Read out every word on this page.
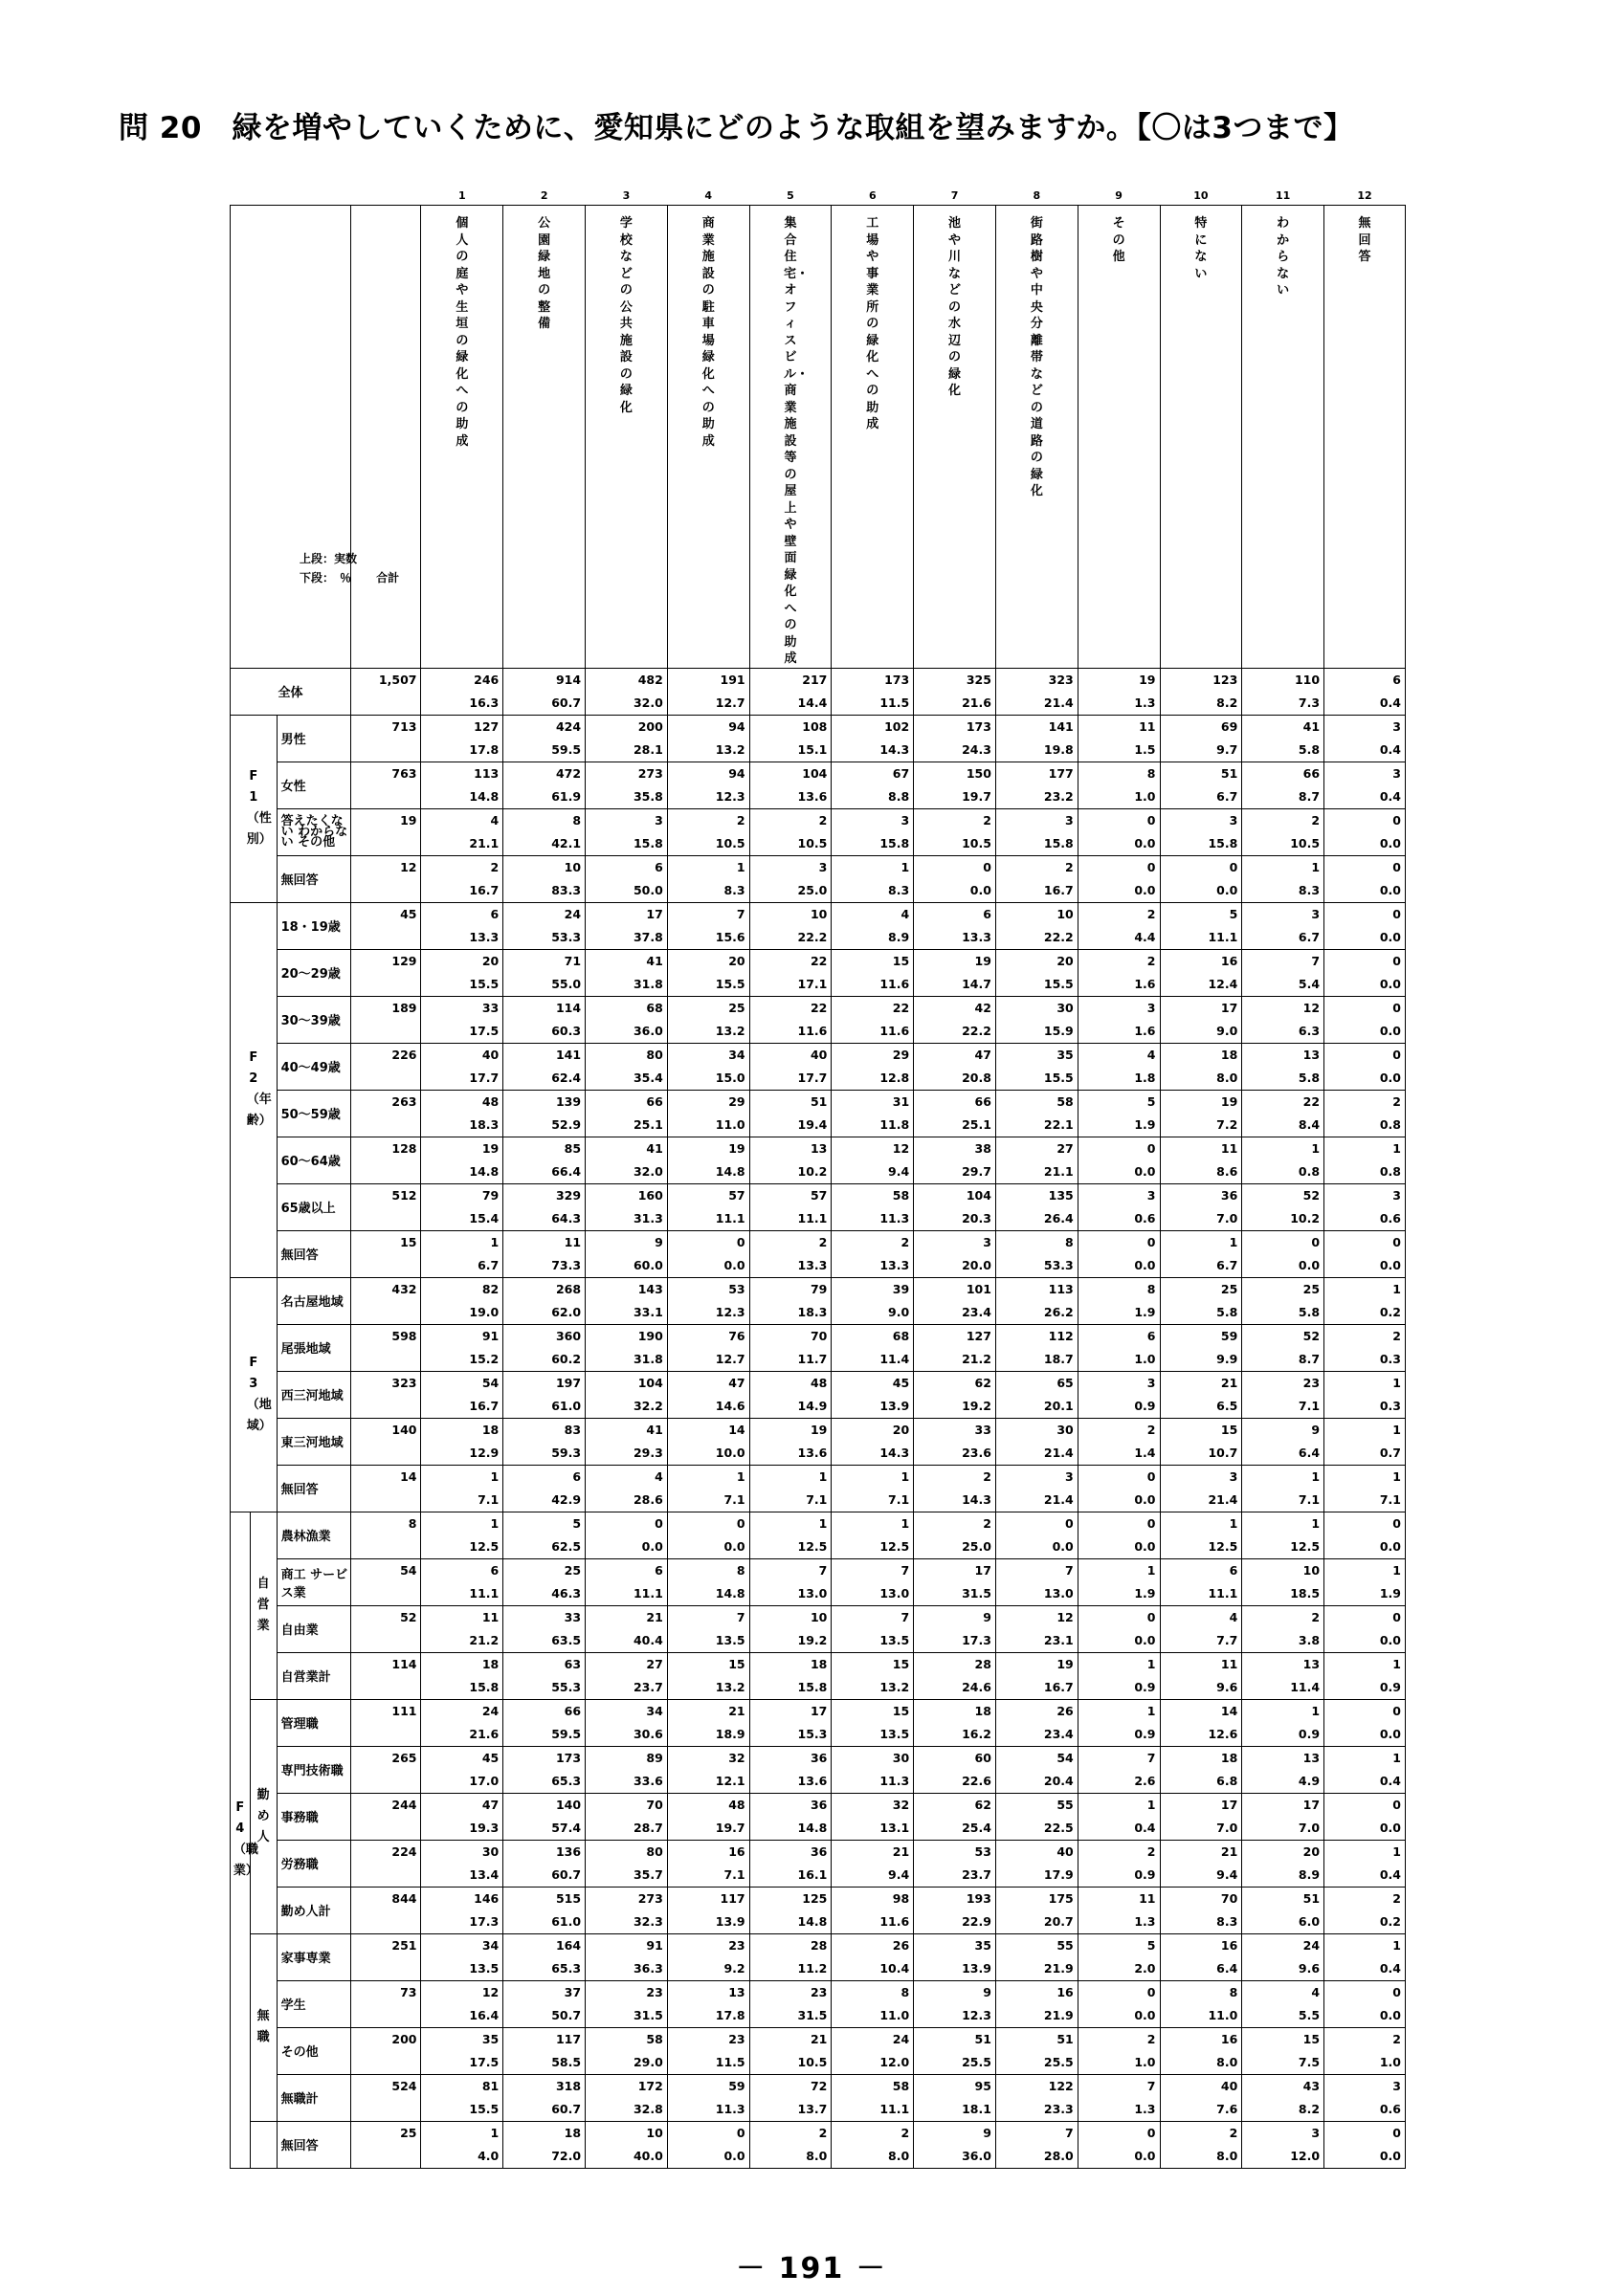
問 20　緑を増やしていくために、愛知県にどのような取組を望みますか。【〇は3つまで】
				1	2	3	4	5	6	7	8	9	10	11	12

上段：実数
下段：　％			合計	個人の庭や生垣の緑化への助成	公園緑地の整備	学校などの公共施設の緑化	商業施設の駐車場緑化への助成	集合住宅・オフィスビル・商業施設等の屋上や壁面緑化への助成	工場や事業所の緑化への助成	池や川などの水辺の緑化	街路樹や中央分離帯などの道路の緑化	その他	特にない	わからない	無回答

全体			1,507	246	914	482	191	217	173	325	323	19	123	110	6
				16.3	60.7	32.0	12.7	14.4	11.5	21.6	21.4	1.3	8.2	7.3	0.4

F1（性別）		男性	713	127	424	200	94	108	102	173	141	11	69	41	3
				17.8	59.5	28.1	13.2	15.1	14.3	24.3	19.8	1.5	9.7	5.8	0.4
		女性	763	113	472	273	94	104	67	150	177	8	51	66	3
				14.8	61.9	35.8	12.3	13.6	8.8	19.7	23.2	1.0	6.7	8.7	0.4
		答えたくない わからない その他	19	4	8	3	2	2	3	2	3	0	3	2	0
				21.1	42.1	15.8	10.5	10.5	15.8	10.5	15.8	0.0	15.8	10.5	0.0
		無回答	12	2	10	6	1	3	1	0	2	0	0	1	0
				16.7	83.3	50.0	8.3	25.0	8.3	0.0	16.7	0.0	0.0	8.3	0.0

F2（年齢）		18・19歳	45	6	24	17	7	10	4	6	10	2	5	3	0
				13.3	53.3	37.8	15.6	22.2	8.9	13.3	22.2	4.4	11.1	6.7	0.0
		20～29歳	129	20	71	41	20	22	15	19	20	2	16	7	0
				15.5	55.0	31.8	15.5	17.1	11.6	14.7	15.5	1.6	12.4	5.4	0.0
		30～39歳	189	33	114	68	25	22	22	42	30	3	17	12	0
				17.5	60.3	36.0	13.2	11.6	11.6	22.2	15.9	1.6	9.0	6.3	0.0
		40～49歳	226	40	141	80	34	40	29	47	35	4	18	13	0
				17.7	62.4	35.4	15.0	17.7	12.8	20.8	15.5	1.8	8.0	5.8	0.0
		50～59歳	263	48	139	66	29	51	31	66	58	5	19	22	2
				18.3	52.9	25.1	11.0	19.4	11.8	25.1	22.1	1.9	7.2	8.4	0.8
		60～64歳	128	19	85	41	19	13	12	38	27	0	11	1	1
				14.8	66.4	32.0	14.8	10.2	9.4	29.7	21.1	0.0	8.6	0.8	0.8
		65歳以上	512	79	329	160	57	57	58	104	135	3	36	52	3
				15.4	64.3	31.3	11.1	11.1	11.3	20.3	26.4	0.6	7.0	10.2	0.6
		無回答	15	1	11	9	0	2	2	3	8	0	1	0	0
				6.7	73.3	60.0	0.0	13.3	13.3	20.0	53.3	0.0	6.7	0.0	0.0

F3（地域）		名古屋地域	432	82	268	143	53	79	39	101	113	8	25	25	1
				19.0	62.0	33.1	12.3	18.3	9.0	23.4	26.2	1.9	5.8	5.8	0.2
		尾張地域	598	91	360	190	76	70	68	127	112	6	59	52	2
				15.2	60.2	31.8	12.7	11.7	11.4	21.2	18.7	1.0	9.9	8.7	0.3
		西三河地域	323	54	197	104	47	48	45	62	65	3	21	23	1
				16.7	61.0	32.2	14.6	14.9	13.9	19.2	20.1	0.9	6.5	7.1	0.3
		東三河地域	140	18	83	41	14	19	20	33	30	2	15	9	1
				12.9	59.3	29.3	10.0	13.6	14.3	23.6	21.4	1.4	10.7	6.4	0.7
		無回答	14	1	6	4	1	1	1	2	3	0	3	1	1
				7.1	42.9	28.6	7.1	7.1	7.1	14.3	21.4	0.0	21.4	7.1	7.1

F4（職業）	自営業	農林漁業	8	1	5	0	0	1	1	2	0	0	1	1	0
				12.5	62.5	0.0	0.0	12.5	12.5	25.0	0.0	0.0	12.5	12.5	0.0
		商工 サービス業	54	6	25	6	8	7	7	17	7	1	6	10	1
				11.1	46.3	11.1	14.8	13.0	13.0	31.5	13.0	1.9	11.1	18.5	1.9
		自由業	52	11	33	21	7	10	7	9	12	0	4	2	0
				21.2	63.5	40.4	13.5	19.2	13.5	17.3	23.1	0.0	7.7	3.8	0.0
		自営業計	114	18	63	27	15	18	15	28	19	1	11	13	1
				15.8	55.3	23.7	13.2	15.8	13.2	24.6	16.7	0.9	9.6	11.4	0.9

	勤め人	管理職	111	24	66	34	21	17	15	18	26	1	14	1	0
				21.6	59.5	30.6	18.9	15.3	13.5	16.2	23.4	0.9	12.6	0.9	0.0
		専門技術職	265	45	173	89	32	36	30	60	54	7	18	13	1
				17.0	65.3	33.6	12.1	13.6	11.3	22.6	20.4	2.6	6.8	4.9	0.4
		事務職	244	47	140	70	48	36	32	62	55	1	17	17	0
				19.3	57.4	28.7	19.7	14.8	13.1	25.4	22.5	0.4	7.0	7.0	0.0
		労務職	224	30	136	80	16	36	21	53	40	2	21	20	1
				13.4	60.7	35.7	7.1	16.1	9.4	23.7	17.9	0.9	9.4	8.9	0.4
		勤め人計	844	146	515	273	117	125	98	193	175	11	70	51	2
				17.3	61.0	32.3	13.9	14.8	11.6	22.9	20.7	1.3	8.3	6.0	0.2

	無職	家事専業	251	34	164	91	23	28	26	35	55	5	16	24	1
				13.5	65.3	36.3	9.2	11.2	10.4	13.9	21.9	2.0	6.4	9.6	0.4
		学生	73	12	37	23	13	23	8	9	16	0	8	4	0
				16.4	50.7	31.5	17.8	31.5	11.0	12.3	21.9	0.0	11.0	5.5	0.0
		その他	200	35	117	58	23	21	24	51	51	2	16	15	2
				17.5	58.5	29.0	11.5	10.5	12.0	25.5	25.5	1.0	8.0	7.5	1.0
		無職計	524	81	318	172	59	72	58	95	122	7	40	43	3
				15.5	60.7	32.8	11.3	13.7	11.1	18.1	23.3	1.3	7.6	8.2	0.6

		無回答	25	1	18	10	0	2	2	9	7	0	2	3	0
				4.0	72.0	40.0	0.0	8.0	8.0	36.0	28.0	0.0	8.0	12.0	0.0
－ 191 －
